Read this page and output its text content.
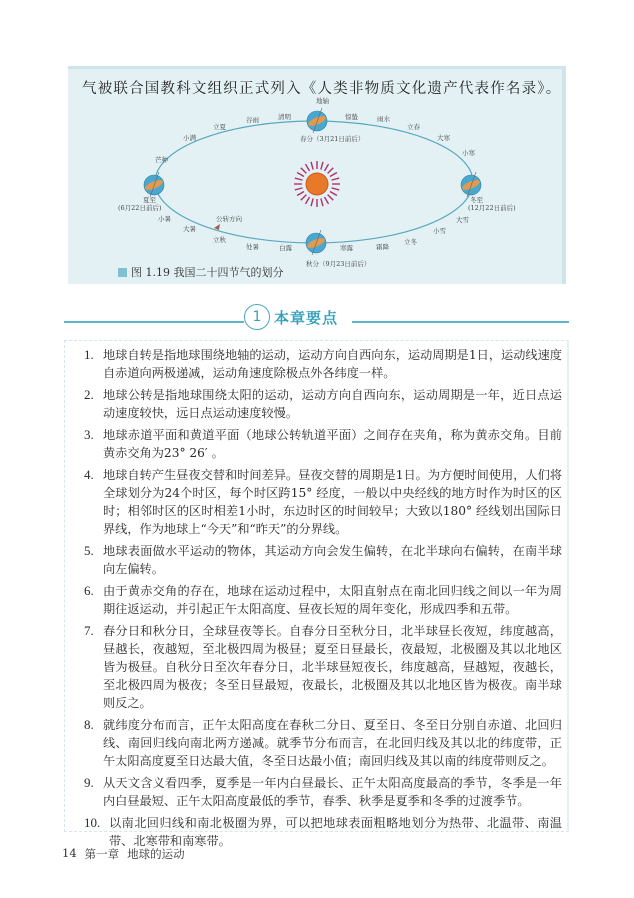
气被联合国教科文组织正式列入《人类非物质文化遗产代表作名录》。
地轴
公转方向
春分（3月21日前后）
夏至
(6月22日前后)
冬至
(12月22日前后)
秋分（9月23日前后）
惊蛰	雨水
立春
大寒
小寒
大雪
小雪
立冬
霜降
寒露
白露
处暑
立秋
大暑
小暑
芒种
小满
立夏
谷雨	清明
图 1.19 我国二十四节气的划分
1 本章要点
1. 地球自转是指地球围绕地轴的运动，运动方向自西向东，运动周期是1日，运动线速度自赤道向两极递减，运动角速度除极点外各纬度一样。
2. 地球公转是指地球围绕太阳的运动，运动方向自西向东，运动周期是一年，近日点运动速度较快，远日点运动速度较慢。
3. 地球赤道平面和黄道平面（地球公转轨道平面）之间存在夹角，称为黄赤交角。目前黄赤交角为23° 26′ 。
4. 地球自转产生昼夜交替和时间差异。昼夜交替的周期是1日。为方便时间使用，人们将全球划分为24个时区，每个时区跨15° 经度，一般以中央经线的地方时作为时区的区时；相邻时区的区时相差1小时，东边时区的时间较早；大致以180° 经线划出国际日界线，作为地球上“今天”和“昨天”的分界线。
5. 地球表面做水平运动的物体，其运动方向会发生偏转，在北半球向右偏转，在南半球向左偏转。
6. 由于黄赤交角的存在，地球在运动过程中，太阳直射点在南北回归线之间以一年为周期往返运动，并引起正午太阳高度、昼夜长短的周年变化，形成四季和五带。
7. 春分日和秋分日，全球昼夜等长。自春分日至秋分日，北半球昼长夜短，纬度越高，昼越长，夜越短，至北极四周为极昼；夏至日昼最长，夜最短，北极圈及其以北地区皆为极昼。自秋分日至次年春分日，北半球昼短夜长，纬度越高，昼越短，夜越长，至北极四周为极夜；冬至日昼最短，夜最长，北极圈及其以北地区皆为极夜。南半球则反之。
8. 就纬度分布而言，正午太阳高度在春秋二分日、夏至日、冬至日分别自赤道、北回归线、南回归线向南北两方递减。就季节分布而言，在北回归线及其以北的纬度带，正午太阳高度夏至日达最大值，冬至日达最小值；南回归线及其以南的纬度带则反之。
9. 从天文含义看四季，夏季是一年内白昼最长、正午太阳高度最高的季节，冬季是一年内白昼最短、正午太阳高度最低的季节，春季、秋季是夏季和冬季的过渡季节。
10. 以南北回归线和南北极圈为界，可以把地球表面粗略地划分为热带、北温带、南温带、北寒带和南寒带。
14 第一章 地球的运动
